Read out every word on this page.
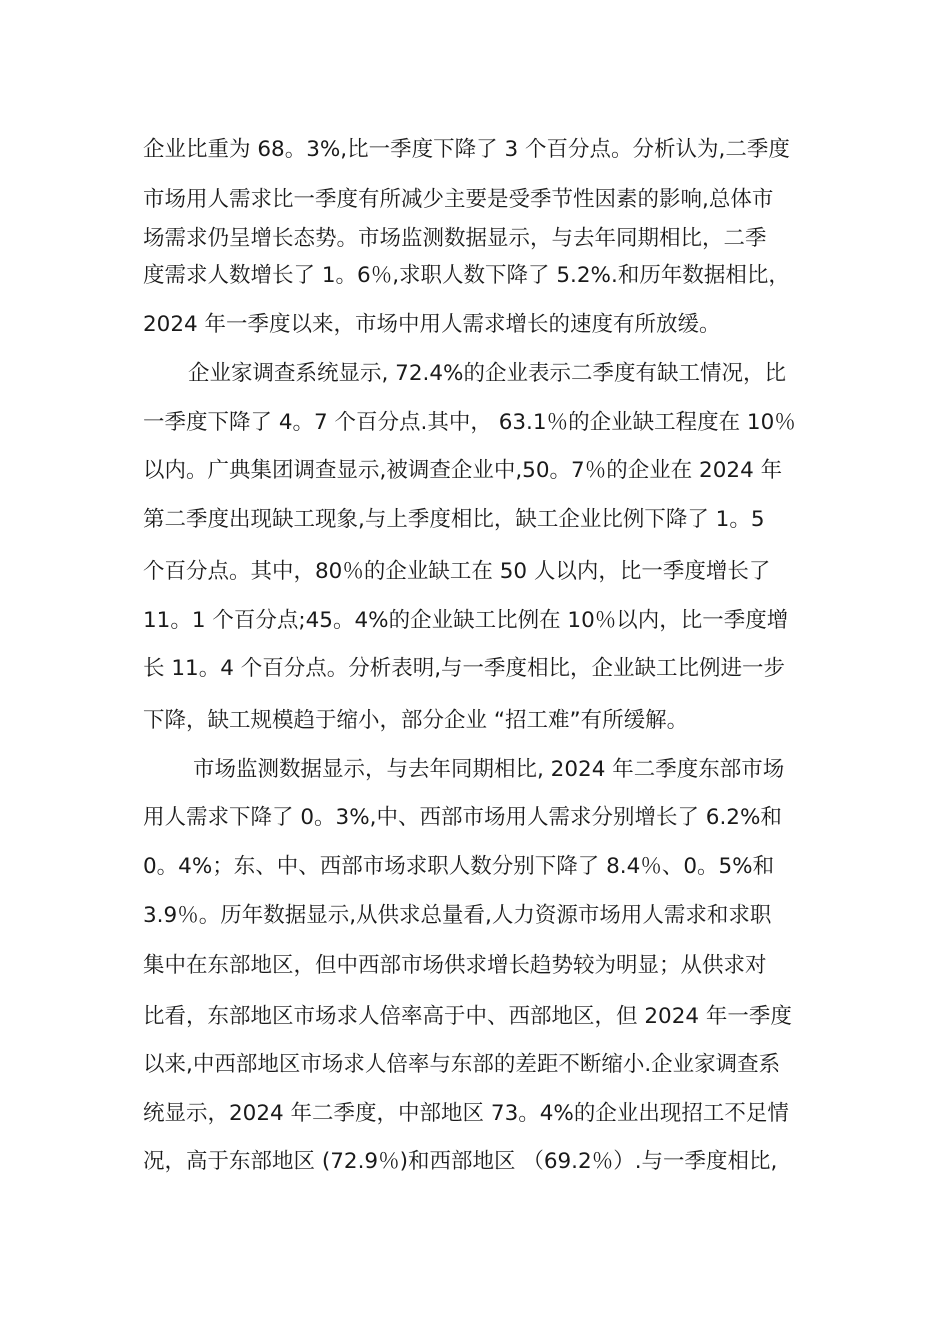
企业比重为 68。3%,比一季度下降了 3 个百分点。分析认为,二季度
市场用人需求比一季度有所减少主要是受季节性因素的影响,总体市
场需求仍呈增长态势。市场监测数据显示，与去年同期相比，二季
度需求人数增长了 1。6％,求职人数下降了 5.2%.和历年数据相比，
2024 年一季度以来，市场中用人需求增长的速度有所放缓。
企业家调查系统显示, 72.4%的企业表示二季度有缺工情况，比
一季度下降了 4。7 个百分点.其中， 63.1％的企业缺工程度在 10％
以内。广典集团调查显示,被调查企业中,50。7％的企业在 2024 年
第二季度出现缺工现象,与上季度相比，缺工企业比例下降了 1。5
个百分点。其中，80％的企业缺工在 50 人以内，比一季度增长了
11。1 个百分点;45。4%的企业缺工比例在 10％以内，比一季度增
长 11。4 个百分点。分析表明,与一季度相比，企业缺工比例进一步
下降，缺工规模趋于缩小，部分企业 “招工难”有所缓解。
市场监测数据显示，与去年同期相比, 2024 年二季度东部市场
用人需求下降了 0。3%,中、西部市场用人需求分别增长了 6.2%和
0。4%；东、中、西部市场求职人数分别下降了 8.4％、0。5%和
3.9％。历年数据显示,从供求总量看,人力资源市场用人需求和求职
集中在东部地区，但中西部市场供求增长趋势较为明显；从供求对
比看，东部地区市场求人倍率高于中、西部地区，但 2024 年一季度
以来,中西部地区市场求人倍率与东部的差距不断缩小.企业家调查系
统显示，2024 年二季度，中部地区 73。4%的企业出现招工不足情
况，高于东部地区 (72.9％)和西部地区 （69.2％）.与一季度相比,
